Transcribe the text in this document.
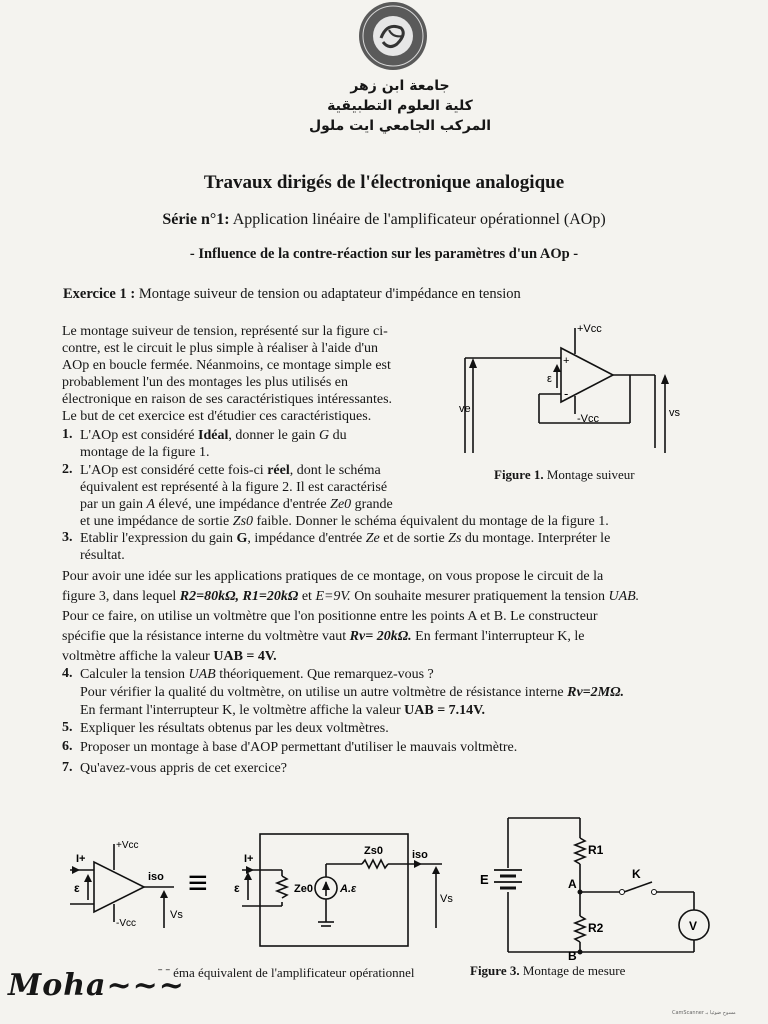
جامعة ابن زهر
كلية العلوم التطبيقية
المركب الجامعي ايت ملول
Travaux dirigés de l'électronique analogique
Série n°1: Application linéaire de l'amplificateur opérationnel (AOp)
- Influence de la contre-réaction sur les paramètres d'un AOp -
Exercice 1 : Montage suiveur de tension ou adaptateur d'impédance en tension
Le montage suiveur de tension, représenté sur la figure ci-
contre, est le circuit le plus simple à réaliser à l'aide d'un
AOp en boucle fermée. Néanmoins, ce montage simple est
probablement l'un des montages les plus utilisés en
électronique en raison de ses caractéristiques intéressantes.
Le but de cet exercice est d'étudier ces caractéristiques.
1. L'AOp est considéré Idéal, donner le gain G du
montage de la figure 1.
2. L'AOp est considéré cette fois-ci réel, dont le schéma
équivalent est représenté à la figure 2. Il est caractérisé
par un gain A élevé, une impédance d'entrée Ze0 grande
et une impédance de sortie Zs0 faible. Donner le schéma équivalent du montage de la figure 1.
3. Etablir l'expression du gain G, impédance d'entrée Ze et de sortie Zs du montage. Interpréter le
résultat.
Pour avoir une idée sur les applications pratiques de ce montage, on vous propose le circuit de la
figure 3, dans lequel R2=80kΩ, R1=20kΩ et E=9V. On souhaite mesurer pratiquement la tension UAB.
Pour ce faire, on utilise un voltmètre que l'on positionne entre les points A et B. Le constructeur
spécifie que la résistance interne du voltmètre vaut Rv= 20kΩ. En fermant l'interrupteur K, le
voltmètre affiche la valeur UAB = 4V.
4. Calculer la tension UAB théoriquement. Que remarquez-vous ?
Pour vérifier la qualité du voltmètre, on utilise un autre voltmètre de résistance interne Rv=2MΩ.
En fermant l'interrupteur K, le voltmètre affiche la valeur UAB = 7.14V.
5. Expliquer les résultats obtenus par les deux voltmètres.
6. Proposer un montage à base d'AOP permettant d'utiliser le mauvais voltmètre.
7. Qu'avez-vous appris de cet exercice?
+Vcc
-Vcc
ve	vs
ε
+
-
Figure 1. Montage suiveur
+Vcc
-Vcc
I+
ε
iso
Vs
≡
I+
ε	Ze0 A.ε
Zs0	iso
Vs
ˉ ˉ éma équivalent de l'amplificateur opérationnel
R1
R2
E	A
B
K
V
Figure 3. Montage de mesure
Moha~~~
CamScanner مسوح ضوئيا بـ
